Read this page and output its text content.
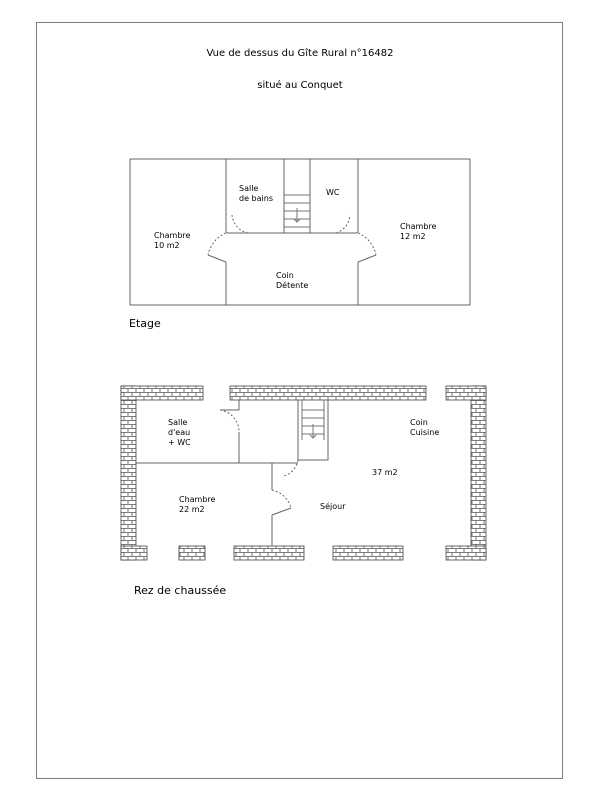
Vue de dessus du Gîte Rural n°16482
situé au Conquet
Chambre
10 m2
Salle
de bains
WC
Chambre
12 m2
Coin
Détente
Etage
Salle
d'eau
+ WC
Coin
Cuisine
37 m2
Chambre
22 m2	Séjour
Rez de chaussée
